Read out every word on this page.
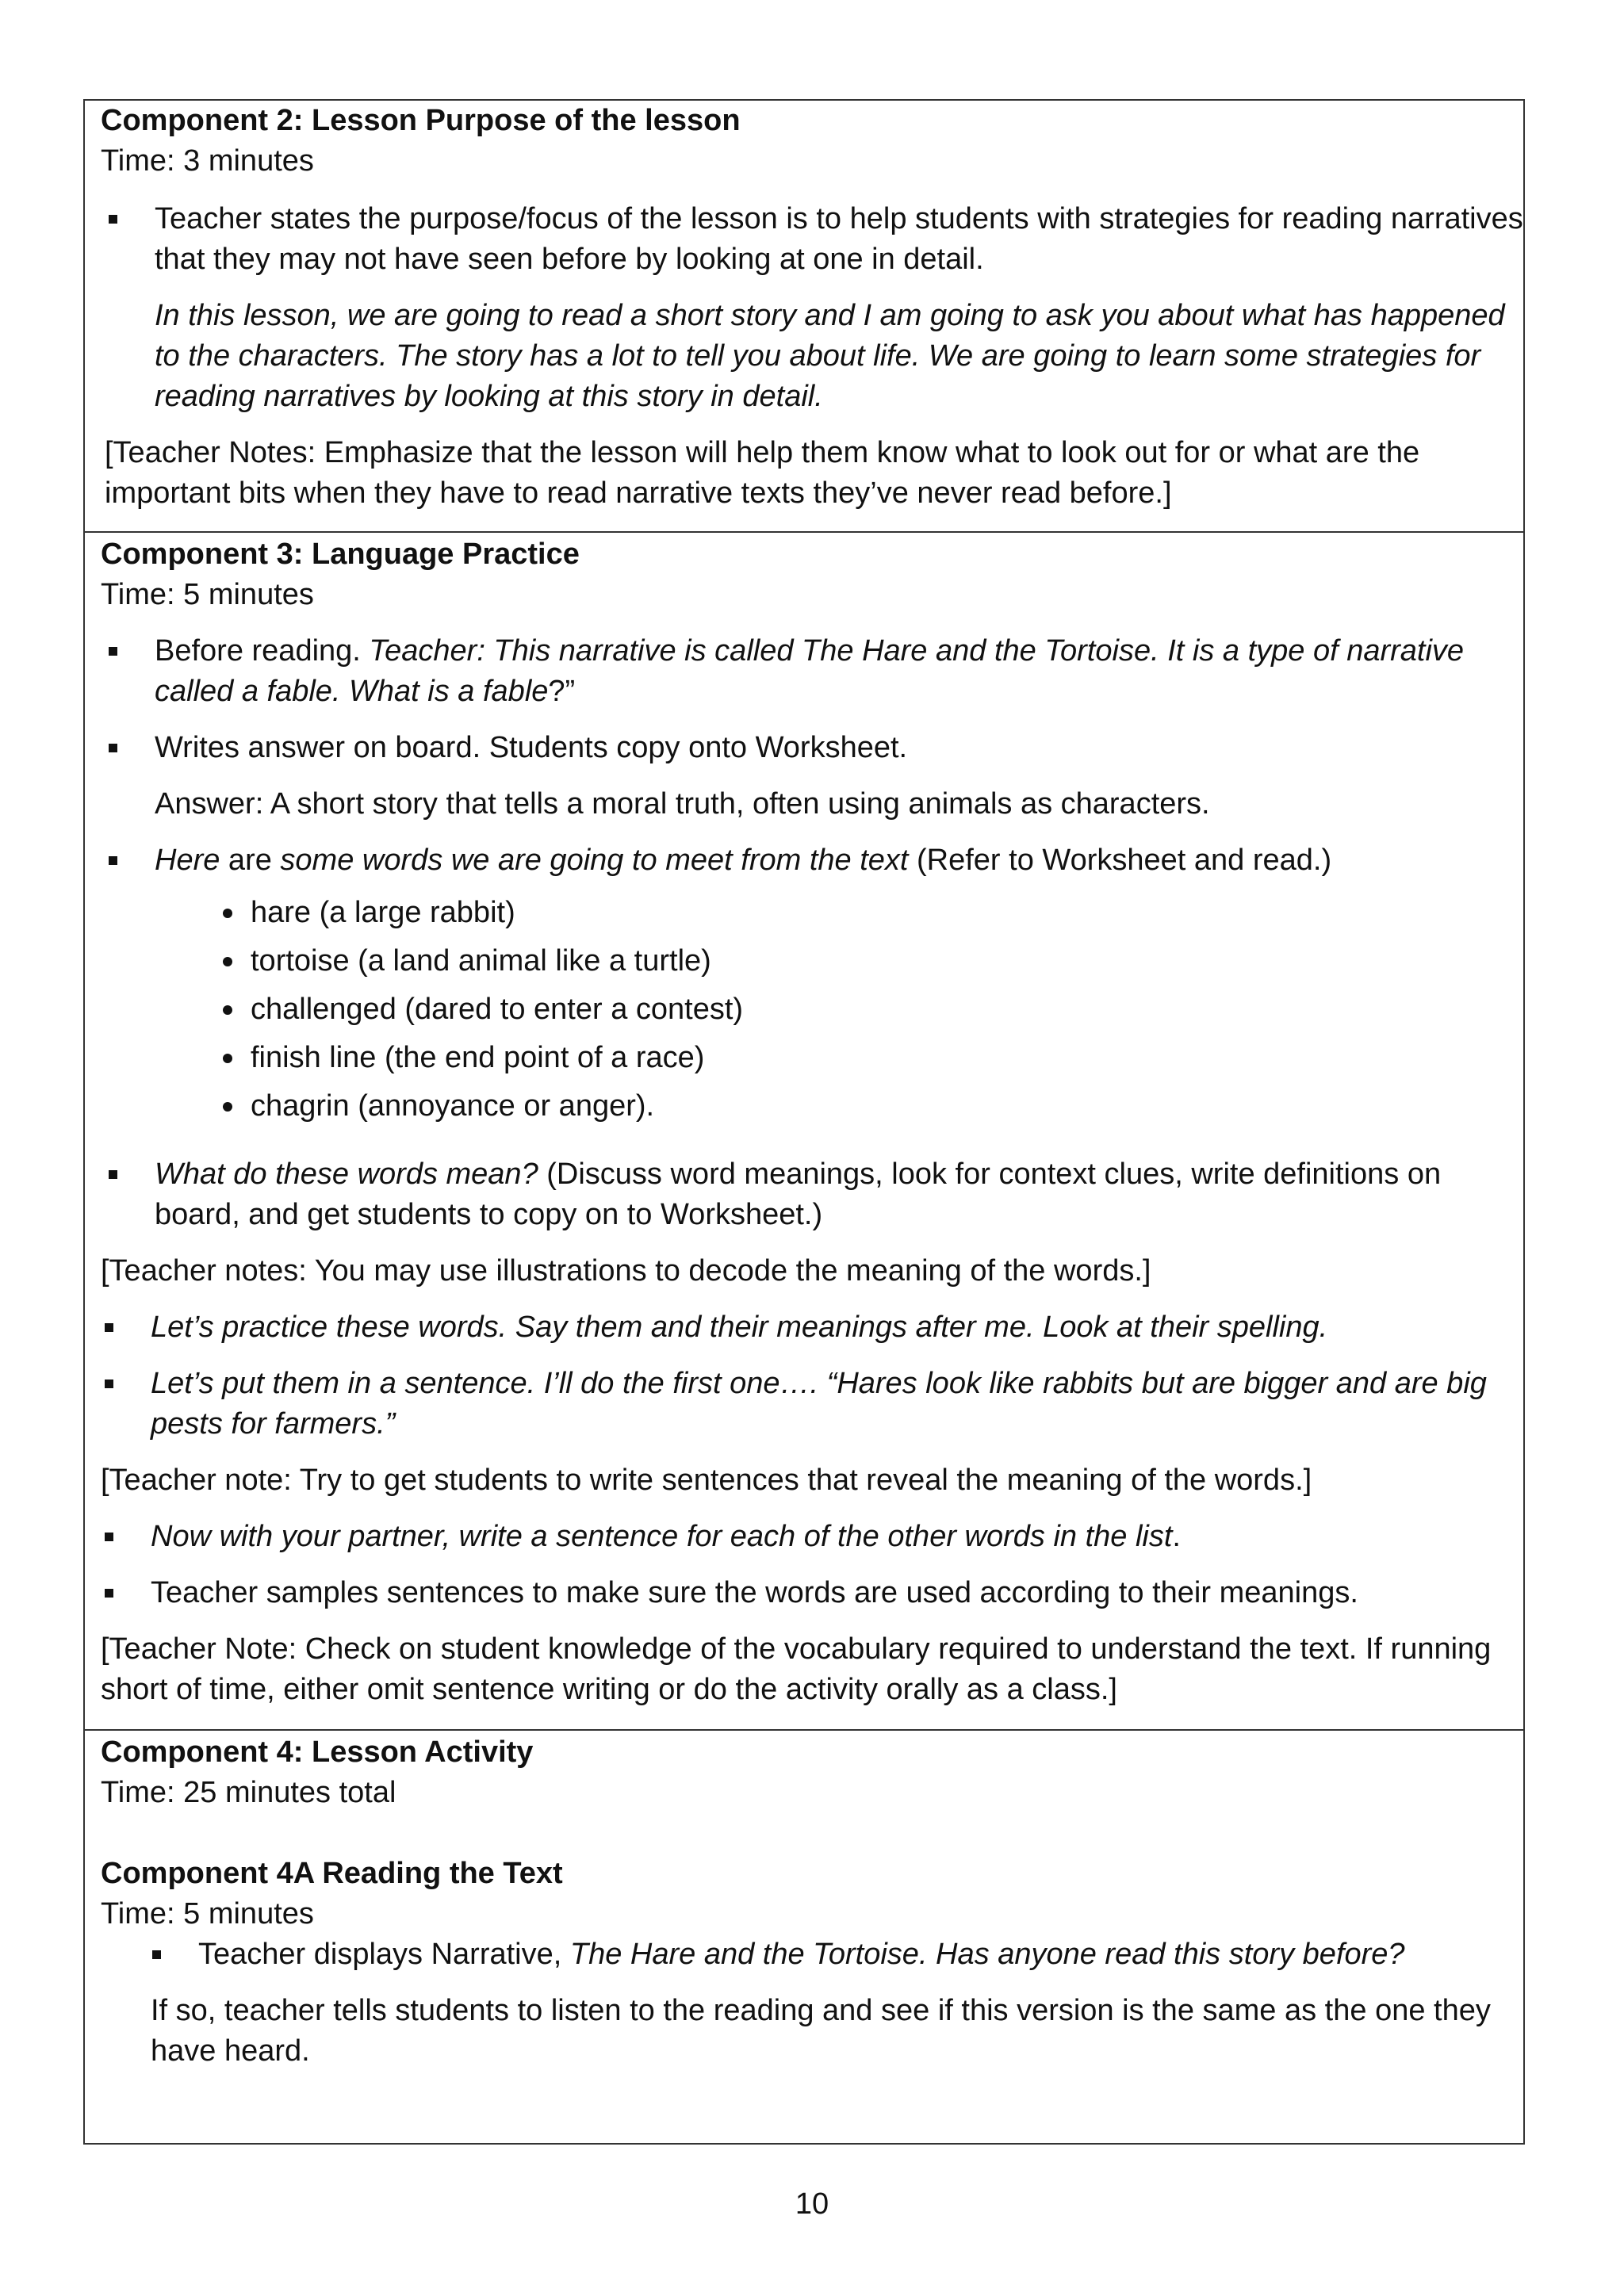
Component 2: Lesson Purpose of the lesson

Time: 3 minutes

Teacher states the purpose/focus of the lesson is to help students with strategies for reading narratives that they may not have seen before by looking at one in detail.

In this lesson, we are going to read a short story and I am going to ask you about what has happened to the characters. The story has a lot to tell you about life. We are going to learn some strategies for reading narratives by looking at this story in detail.

[Teacher Notes: Emphasize that the lesson will help them know what to look out for or what are the important bits when they have to read narrative texts they’ve never read before.]

Component 3: Language Practice

Time: 5 minutes

Before reading. Teacher: This narrative is called The Hare and the Tortoise. It is a type of narrative called a fable. What is a fable?”

Writes answer on board. Students copy onto Worksheet.

Answer: A short story that tells a moral truth, often using animals as characters.

Here are some words we are going to meet from the text (Refer to Worksheet and read.)

hare (a large rabbit)

tortoise (a land animal like a turtle)

challenged (dared to enter a contest)

finish line (the end point of a race)

chagrin (annoyance or anger).

What do these words mean? (Discuss word meanings, look for context clues, write definitions on board, and get students to copy on to Worksheet.)

[Teacher notes: You may use illustrations to decode the meaning of the words.]

Let’s practice these words. Say them and their meanings after me. Look at their spelling.

Let’s put them in a sentence. I’ll do the first one…. “Hares look like rabbits but are bigger and are big pests for farmers.”

[Teacher note: Try to get students to write sentences that reveal the meaning of the words.]

Now with your partner, write a sentence for each of the other words in the list.

Teacher samples sentences to make sure the words are used according to their meanings.

[Teacher Note: Check on student knowledge of the vocabulary required to understand the text. If running short of time, either omit sentence writing or do the activity orally as a class.]

Component 4: Lesson Activity

Time: 25 minutes total

Component 4A Reading the Text

Time: 5 minutes

Teacher displays Narrative, The Hare and the Tortoise. Has anyone read this story before?

If so, teacher tells students to listen to the reading and see if this version is the same as the one they have heard.

10
